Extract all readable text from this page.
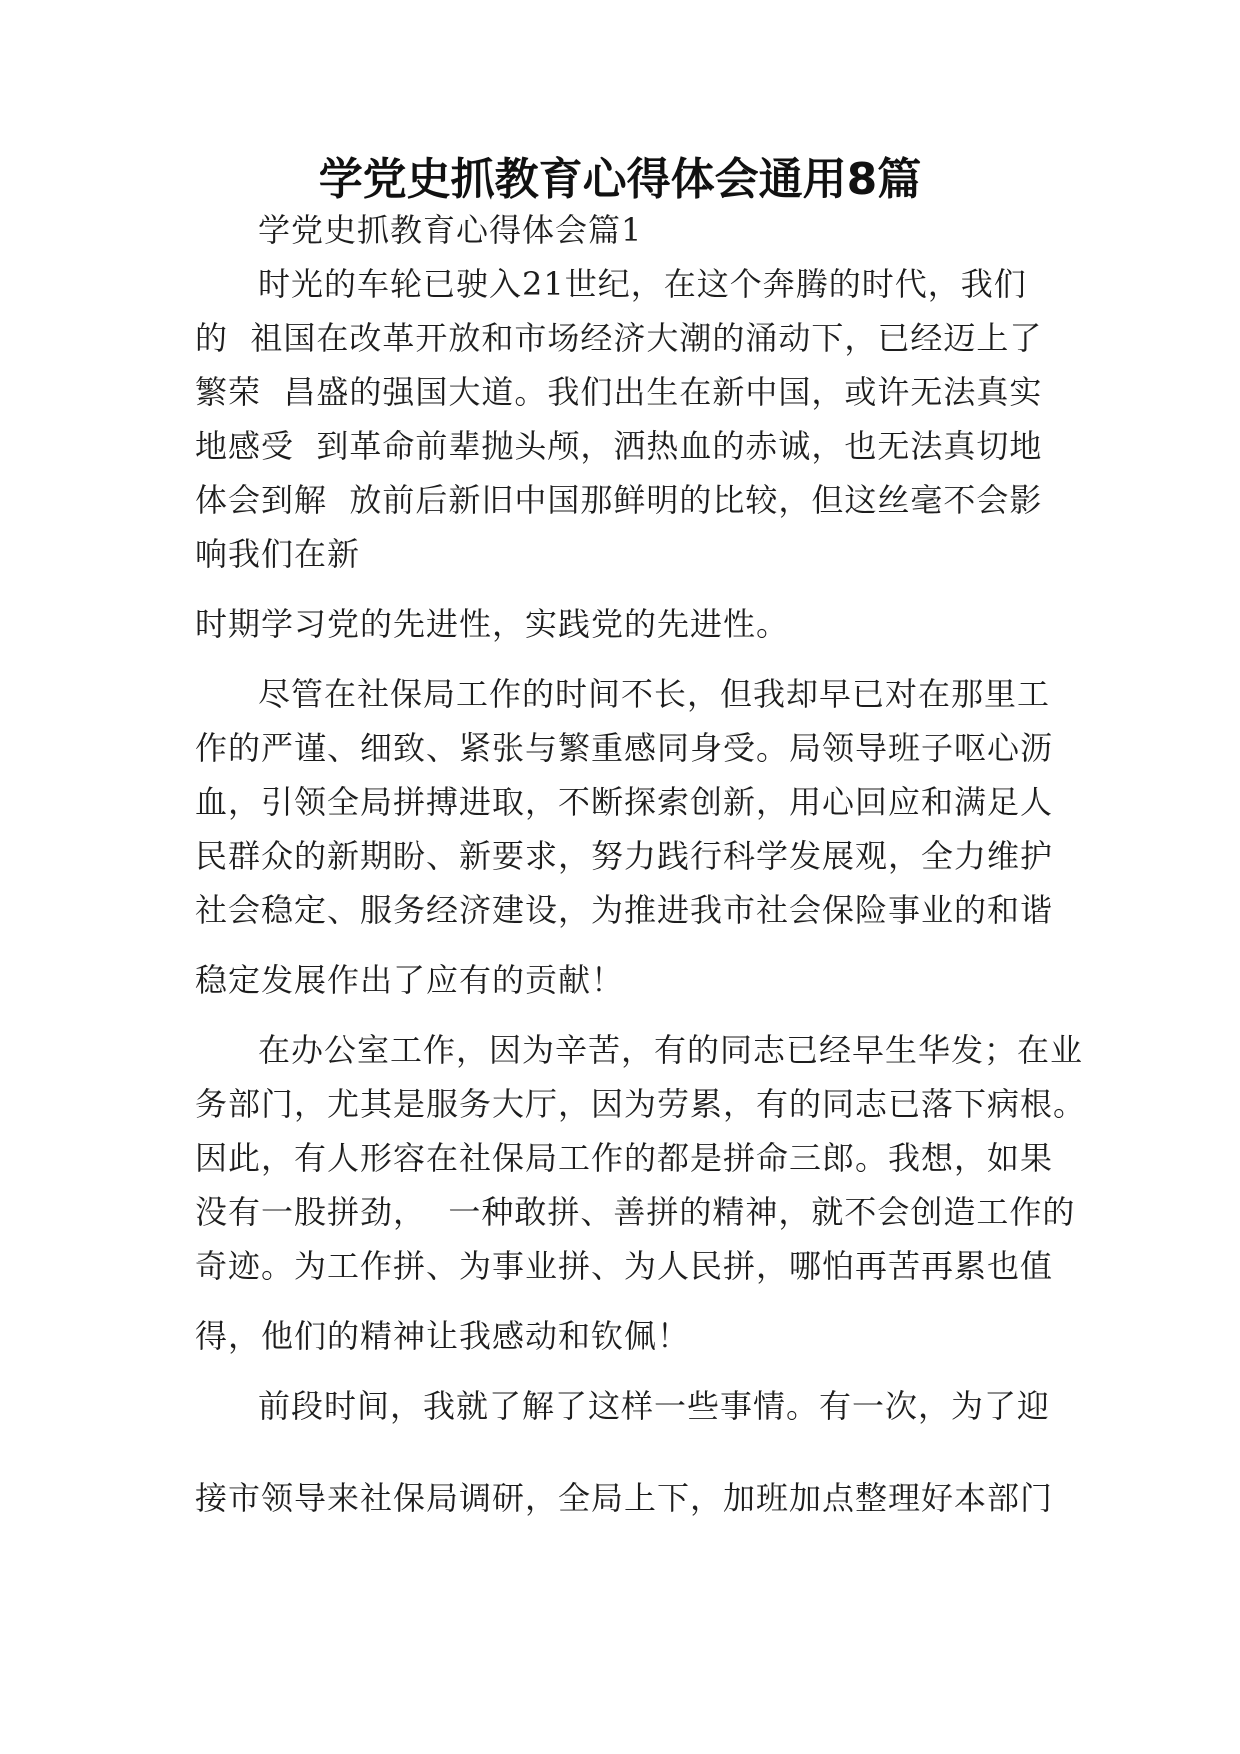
学党史抓教育心得体会通用8篇
学党史抓教育心得体会篇1
时光的车轮已驶入21世纪，在这个奔腾的时代，我们
的  祖国在改革开放和市场经济大潮的涌动下，已经迈上了
繁荣  昌盛的强国大道。我们出生在新中国，或许无法真实
地感受  到革命前辈抛头颅，洒热血的赤诚，也无法真切地
体会到解  放前后新旧中国那鲜明的比较，但这丝毫不会影
响我们在新
时期学习党的先进性，实践党的先进性。
尽管在社保局工作的时间不长，但我却早已对在那里工
作的严谨、细致、紧张与繁重感同身受。局领导班子呕心沥
血，引领全局拼搏进取，不断探索创新，用心回应和满足人
民群众的新期盼、新要求，努力践行科学发展观，全力维护
社会稳定、服务经济建设，为推进我市社会保险事业的和谐
稳定发展作出了应有的贡献！
在办公室工作，因为辛苦，有的同志已经早生华发；在业
务部门，尤其是服务大厅，因为劳累，有的同志已落下病根。
因此，有人形容在社保局工作的都是拼命三郎。我想，如果
没有一股拼劲，  一种敢拼、善拼的精神，就不会创造工作的
奇迹。为工作拼、为事业拼、为人民拼，哪怕再苦再累也值
得，他们的精神让我感动和钦佩！
前段时间，我就了解了这样一些事情。有一次，为了迎
接市领导来社保局调研，全局上下，加班加点整理好本部门
